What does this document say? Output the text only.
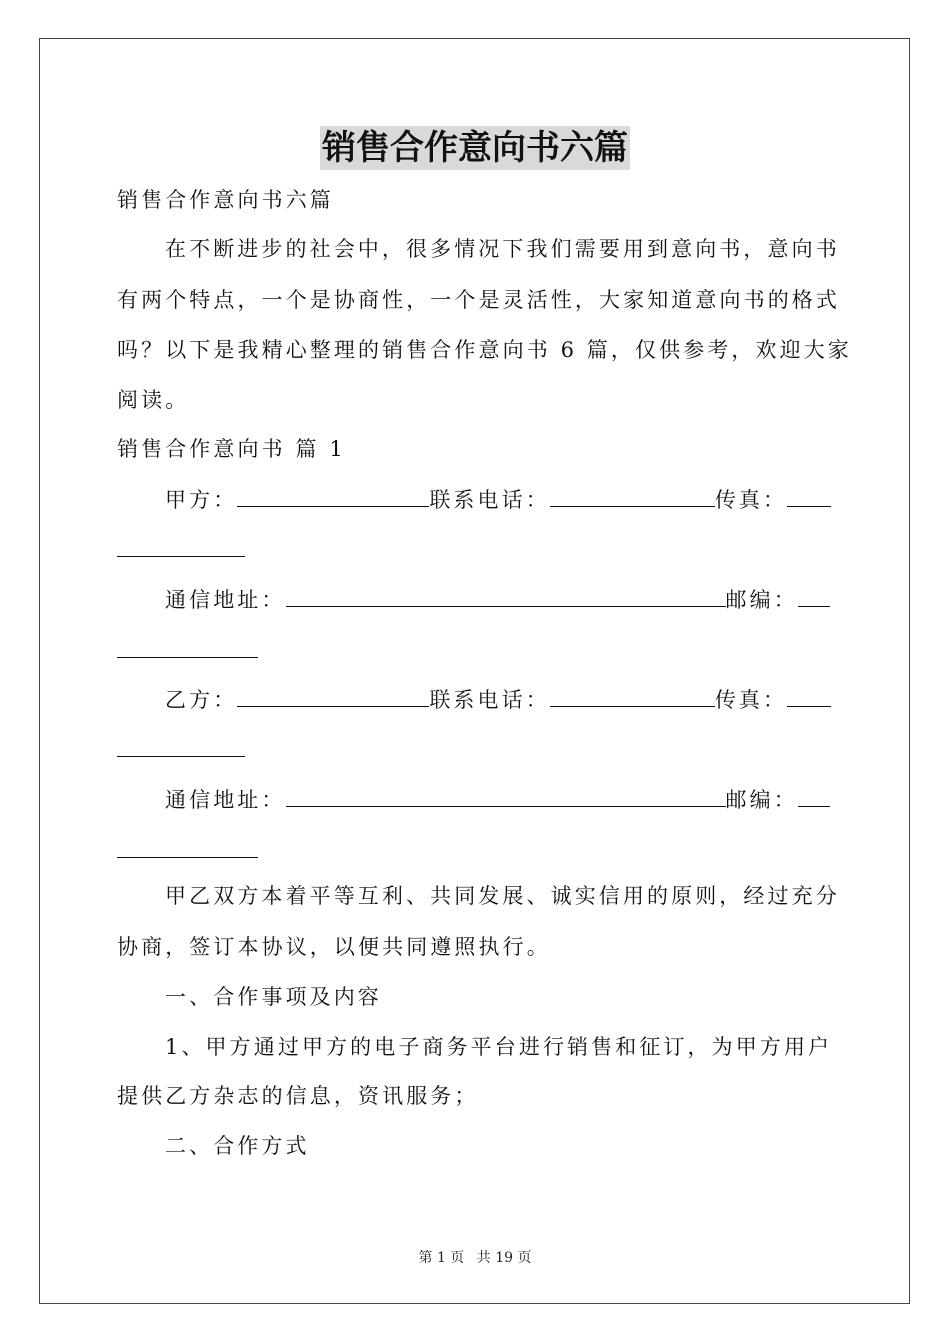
销售合作意向书六篇
销售合作意向书六篇
在不断进步的社会中，很多情况下我们需要用到意向书，意向书
有两个特点，一个是协商性，一个是灵活性，大家知道意向书的格式
吗？以下是我精心整理的销售合作意向书 6 篇，仅供参考，欢迎大家
阅读。
销售合作意向书 篇 1
甲方：	联系电话：	传真：
通信地址：	邮编：
乙方：	联系电话：	传真：
通信地址：	邮编：
甲乙双方本着平等互利、共同发展、诚实信用的原则，经过充分
协商，签订本协议，以便共同遵照执行。
一、合作事项及内容
1、甲方通过甲方的电子商务平台进行销售和征订，为甲方用户
提供乙方杂志的信息，资讯服务；
二、合作方式
第 1 页 共 19 页
